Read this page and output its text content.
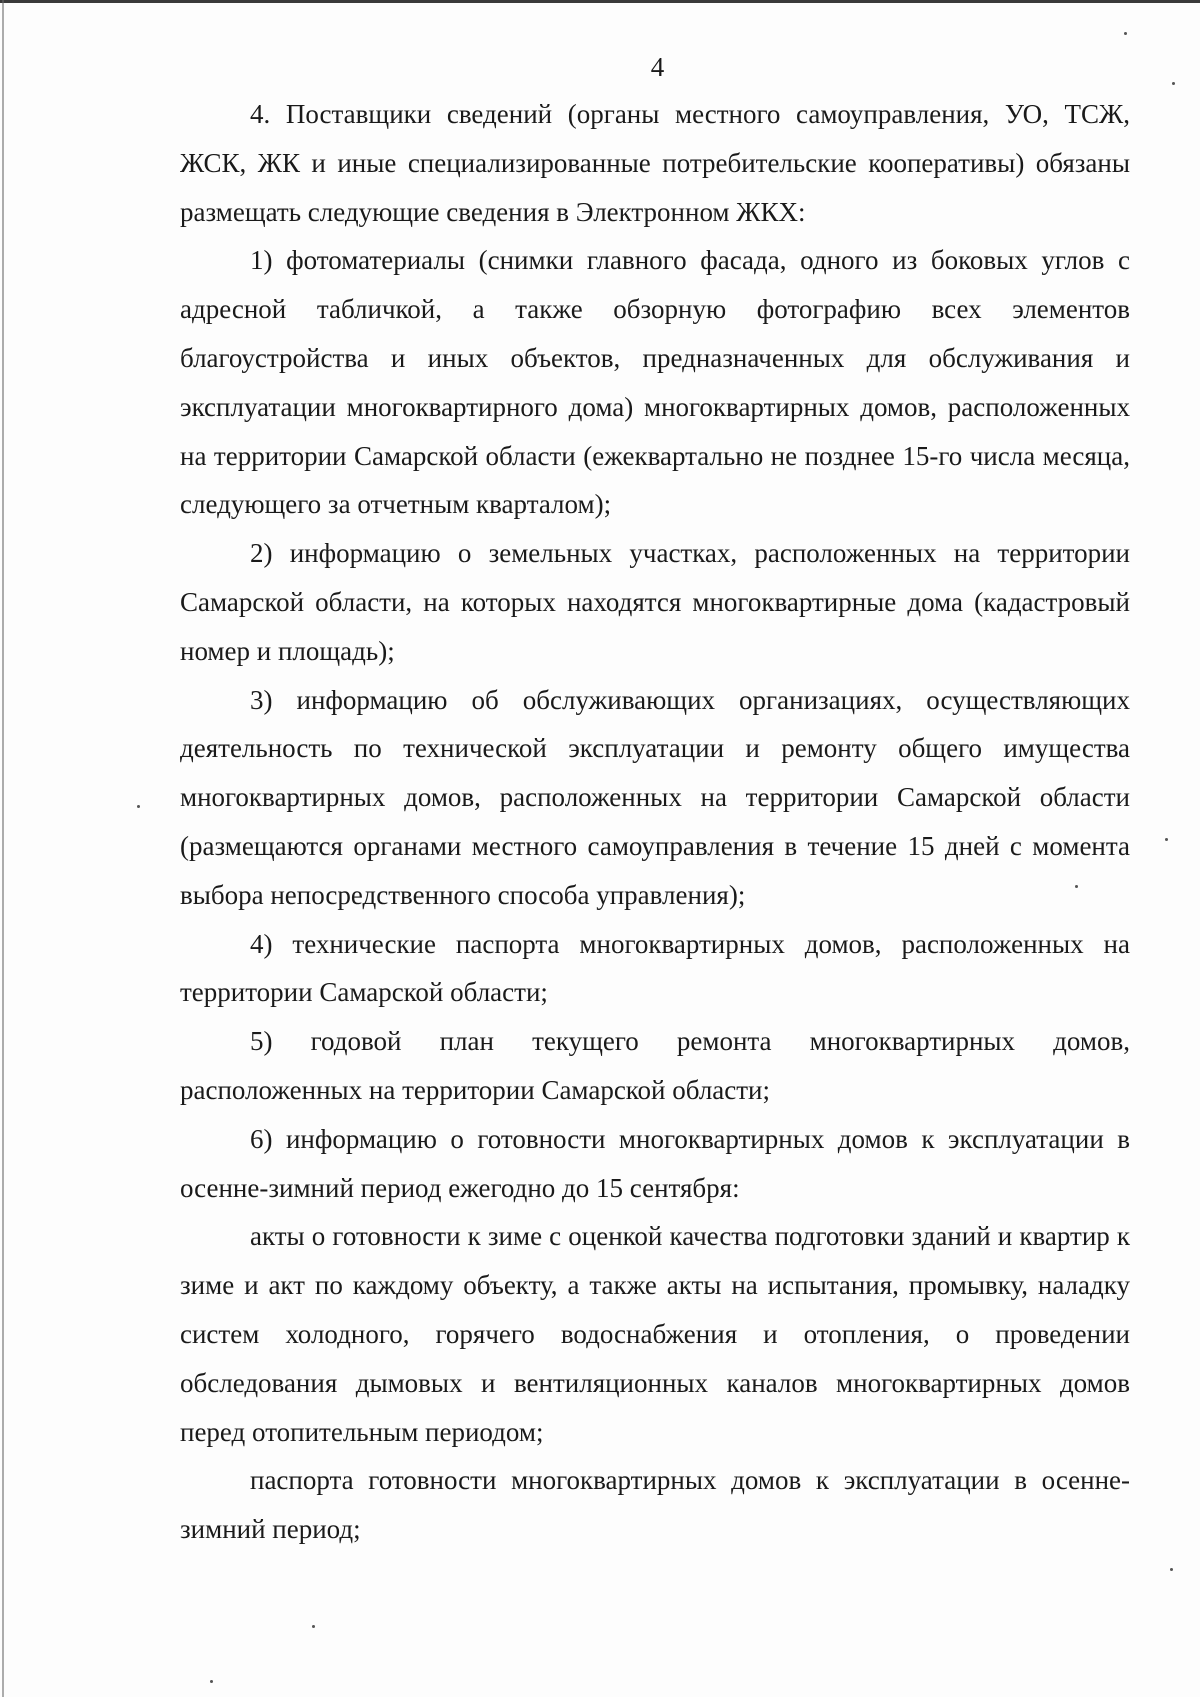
4

4. Поставщики сведений (органы местного самоуправления, УО, ТСЖ, ЖСК, ЖК и иные специализированные потребительские кооперативы) обязаны размещать следующие сведения в Электронном ЖКХ:

1) фотоматериалы (снимки главного фасада, одного из боковых углов с адресной табличкой, а также обзорную фотографию всех элементов благоустройства и иных объектов, предназначенных для обслуживания и эксплуатации многоквартирного дома) многоквартирных домов, расположенных на территории Самарской области (ежеквартально не позднее 15-го числа месяца, следующего за отчетным кварталом);

2) информацию о земельных участках, расположенных на территории Самарской области, на которых находятся многоквартирные дома (кадастровый номер и площадь);

3) информацию об обслуживающих организациях, осуществляющих деятельность по технической эксплуатации и ремонту общего имущества многоквартирных домов, расположенных на территории Самарской области (размещаются органами местного самоуправления в течение 15 дней с момента выбора непосредственного способа управления);

4) технические паспорта многоквартирных домов, расположенных на территории Самарской области;

5) годовой план текущего ремонта многоквартирных домов, расположенных на территории Самарской области;

6) информацию о готовности многоквартирных домов к эксплуатации в осенне-зимний период ежегодно до 15 сентября:

акты о готовности к зиме с оценкой качества подготовки зданий и квартир к зиме и акт по каждому объекту, а также акты на испытания, промывку, наладку систем холодного, горячего водоснабжения и отопления, о проведении обследования дымовых и вентиляционных каналов многоквартирных домов перед отопительным периодом;

паспорта готовности многоквартирных домов к эксплуатации в осенне-зимний период;
